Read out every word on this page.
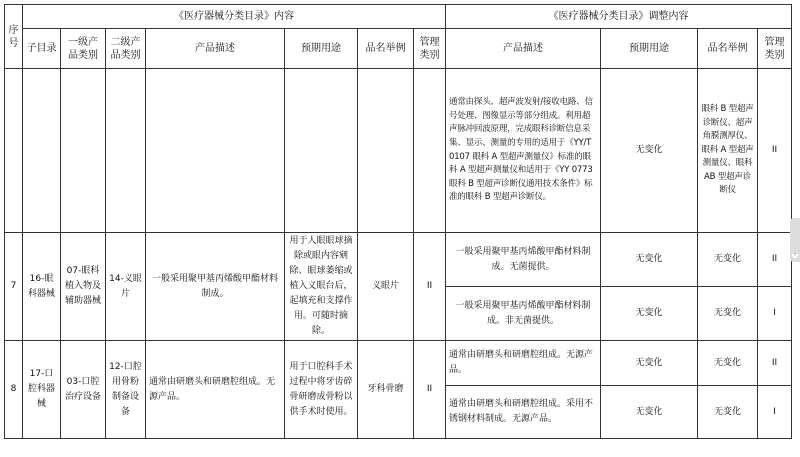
序号	《医疗器械分类目录》内容							《医疗器械分类目录》调整内容			
	子目录	一级产品类别	二级产品类别	产品描述	预期用途	品名举例	管理类别	产品描述	预期用途	品名举例	管理类别
								通常由探头、超声波发射/接收电路、信号处理、图像显示等部分组成。利用超声脉冲回波原理，完成眼科诊断信息采集、显示、测量的专用的适用于《YY/T 0107 眼科 A 型超声测量仪》标准的眼科 A 型超声测量仪和适用于《YY 0773 眼科 B 型超声诊断仪通用技术条件》标准的眼科 B 型超声诊断仪。	无变化	眼科 B 型超声诊断仪、超声角膜测厚仪、眼科 A 型超声测量仪、眼科 AB 型超声诊断仪	II
7	16-眼科器械	07-眼科植入物及辅助器械	14-义眼片	一般采用聚甲基丙烯酸甲酯材料制成。	用于人眼眼球摘除或眼内容剜除、眼球萎缩或植入义眼台后，起填充和支撑作用。可随时摘除。	义眼片	II	一般采用聚甲基丙烯酸甲酯材料制成。无菌提供。	无变化	无变化	II
								一般采用聚甲基丙烯酸甲酯材料制成。非无菌提供。	无变化	无变化	I
8	17-口腔科器械	03-口腔治疗设备	12-口腔用骨粉制备设备	通常由研磨头和研磨腔组成。无源产品。	用于口腔科手术过程中将牙齿碎骨研磨成骨粉以供手术时使用。	牙科骨磨	II	通常由研磨头和研磨腔组成。无源产品。	无变化	无变化	II
								通常由研磨头和研磨腔组成。采用不锈钢材料制成。无源产品。	无变化	无变化	I
+
